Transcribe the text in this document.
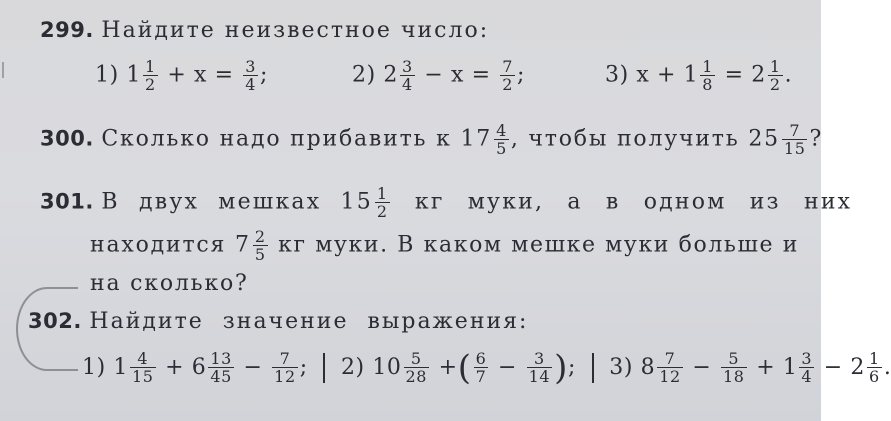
299. Найдите неизвестное число:
1) $1 \frac{1}{2} + x = \frac{3}{4}$ ;	2) $2 \frac{3}{4} - x = \frac{7}{2}$ ;	3) $x + 1 \frac{1}{8} = 2 \frac{1}{2}$ .
300. Сколько надо прибавить к $17 \frac{4}{5}$ , чтобы получить $25 \frac{7}{15}$ ?
301. В двух мешках $15 \frac{1}{2}$ кг муки, а в одном из них
находится $7 \frac{2}{5}$ кг муки. В каком мешке муки больше и
на сколько?
302. Найдите значение выражения:
1) $1 \frac{4}{15} + 6 \frac{13}{45} - \frac{7}{12}$ ; 2) $10 \frac{5}{28}$ +( $\frac{6}{7} - \frac{3}{14}$ ); 3) $8 \frac{7}{12} - \frac{5}{18} + 1 \frac{3}{4} - 2 \frac{1}{6}$ .
